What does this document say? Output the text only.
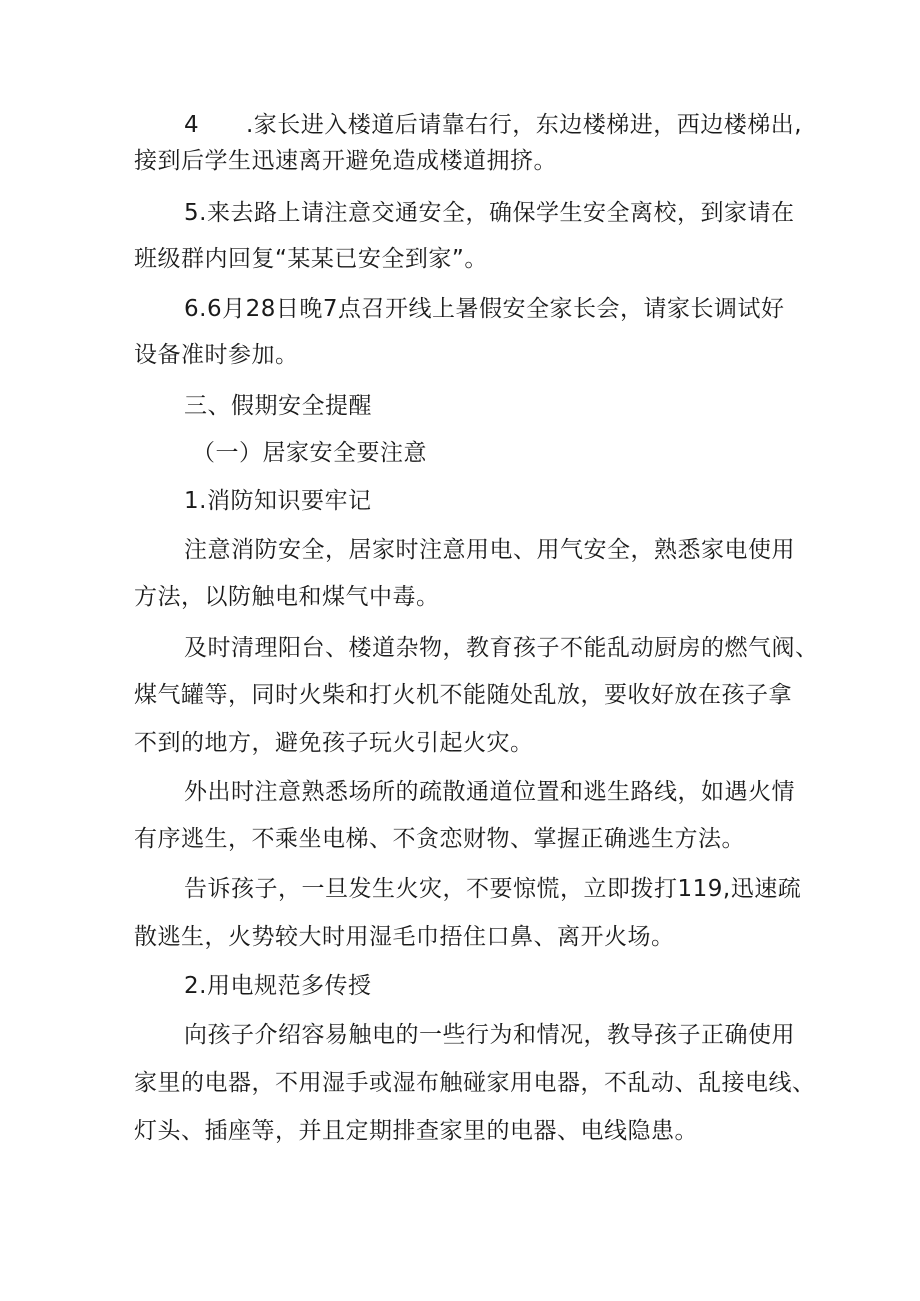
4      .家长进入楼道后请靠右行，东边楼梯进，西边楼梯出,
接到后学生迅速离开避免造成楼道拥挤。
5.来去路上请注意交通安全，确保学生安全离校，到家请在
班级群内回复“某某已安全到家”。
6.6月28日晚7点召开线上暑假安全家长会，请家长调试好
设备准时参加。
三、假期安全提醒
（一）居家安全要注意
1.消防知识要牢记
注意消防安全，居家时注意用电、用气安全，熟悉家电使用
方法，以防触电和煤气中毒。
及时清理阳台、楼道杂物，教育孩子不能乱动厨房的燃气阀、
煤气罐等，同时火柴和打火机不能随处乱放，要收好放在孩子拿
不到的地方，避免孩子玩火引起火灾。
外出时注意熟悉场所的疏散通道位置和逃生路线，如遇火情
有序逃生，不乘坐电梯、不贪恋财物、掌握正确逃生方法。
告诉孩子，一旦发生火灾，不要惊慌，立即拨打119,迅速疏
散逃生，火势较大时用湿毛巾捂住口鼻、离开火场。
2.用电规范多传授
向孩子介绍容易触电的一些行为和情况，教导孩子正确使用
家里的电器，不用湿手或湿布触碰家用电器，不乱动、乱接电线、
灯头、插座等，并且定期排查家里的电器、电线隐患。
